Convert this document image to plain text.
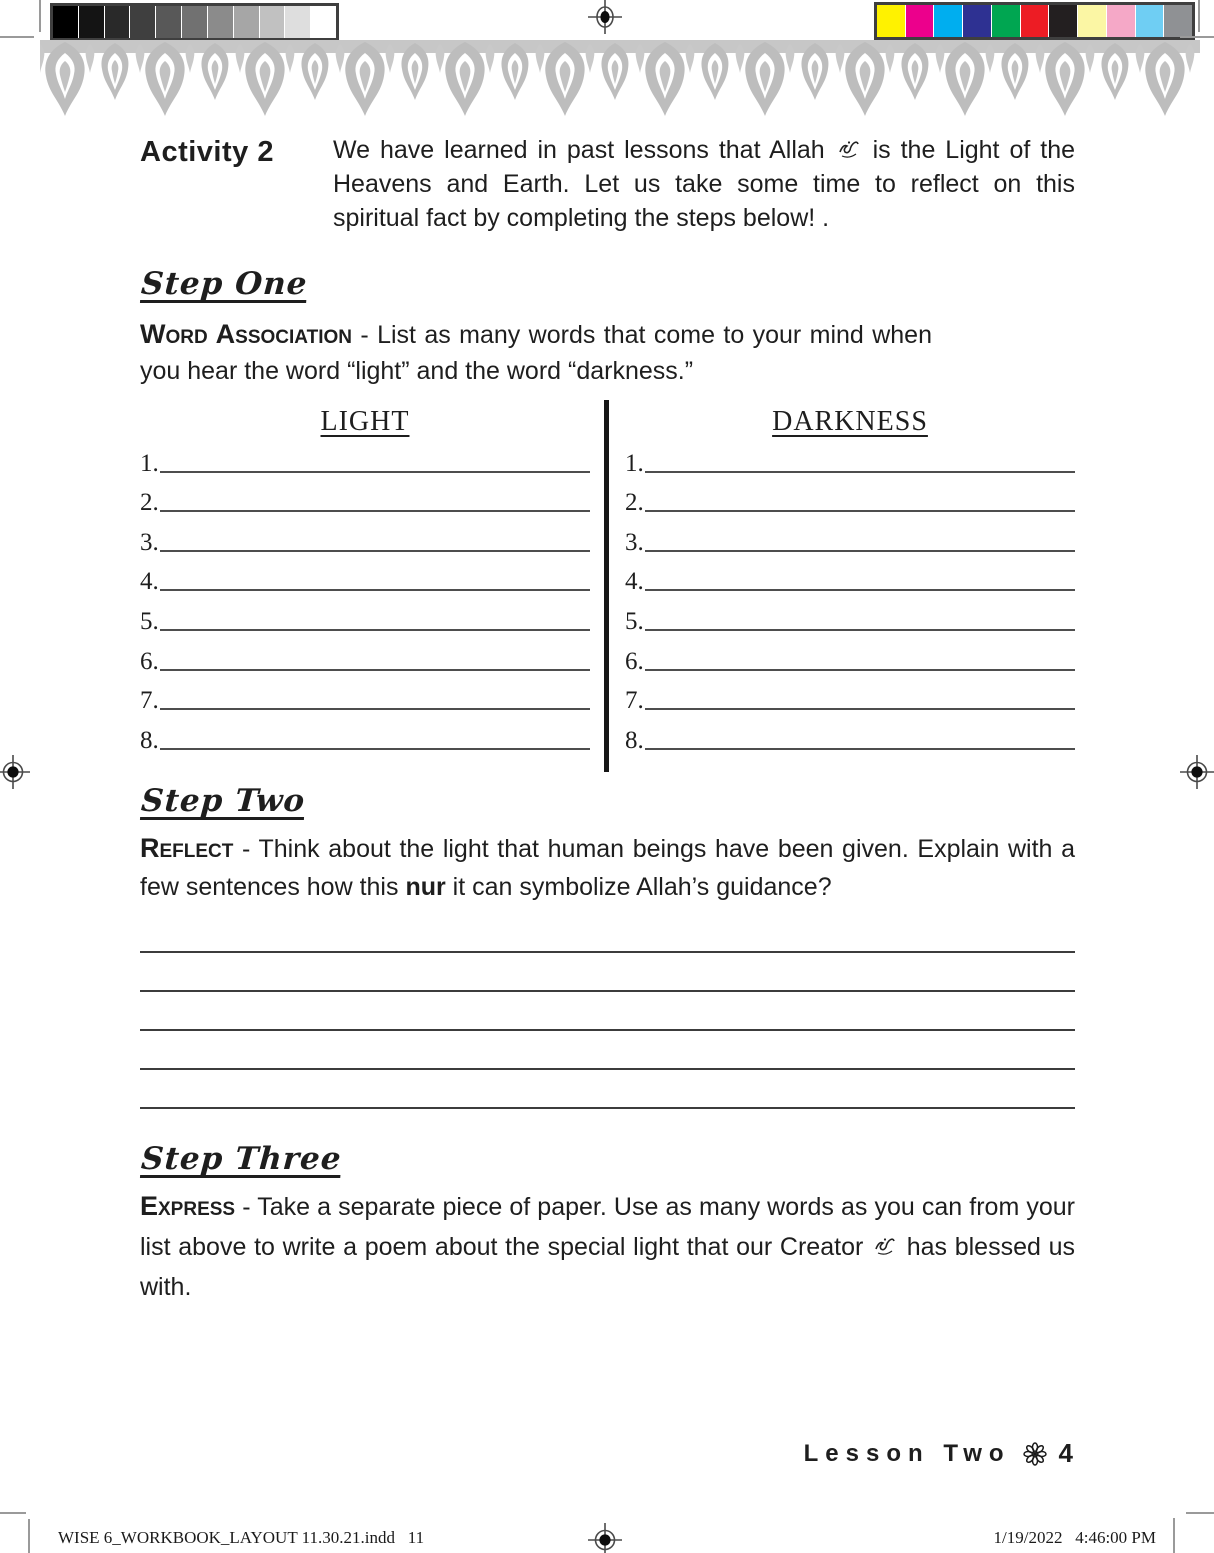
Activity 2 We have learned in past lessons that Allah is the Light of the Heavens and Earth. Let us take some time to reflect on this spiritual fact by completing the steps below! .
Step One
Word Association - List as many words that come to your mind when you hear the word “light” and the word “darkness.”
LIGHT	DARKNESS
1.
2.
3.
4.
5.
6.
7.
8.
1.
2.
3.
4.
5.
6.
7.
8.
Step Two
Reflect - Think about the light that human beings have been given. Explain with a few sentences how this nur it can symbolize Allah’s guidance?
Step Three
Express - Take a separate piece of paper. Use as many words as you can from your list above to write a poem about the special light that our Creator has blessed us with.
Lesson Two 4
WISE 6_WORKBOOK_LAYOUT 11.30.21.indd   11	1/19/2022   4:46:00 PM
